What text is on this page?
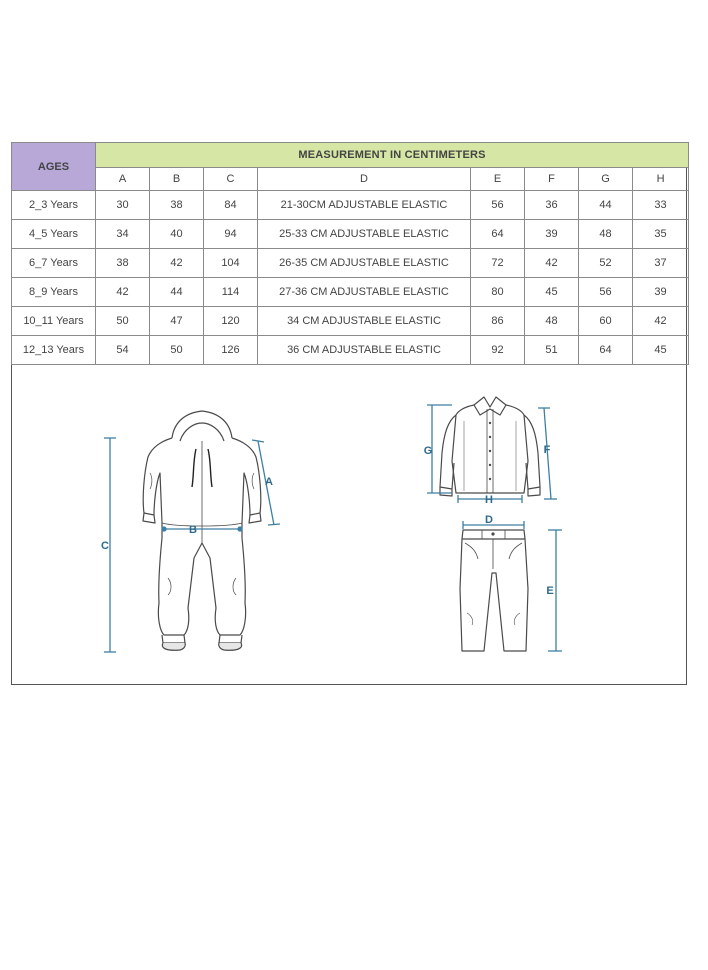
AGES	MEASUREMENT IN CENTIMETERS							
	A	B	C	D	E	F	G	H
2_3 Years	30	38	84	21-30CM ADJUSTABLE ELASTIC	56	36	44	33
4_5 Years	34	40	94	25-33 CM ADJUSTABLE ELASTIC	64	39	48	35
6_7 Years	38	42	104	26-35 CM ADJUSTABLE ELASTIC	72	42	52	37
8_9 Years	42	44	114	27-36 CM ADJUSTABLE ELASTIC	80	45	56	39
10_11 Years	50	47	120	34 CM ADJUSTABLE ELASTIC	86	48	60	42
12_13 Years	54	50	126	36 CM ADJUSTABLE ELASTIC	92	51	64	45
A
B
C
G	F
H
D
E
